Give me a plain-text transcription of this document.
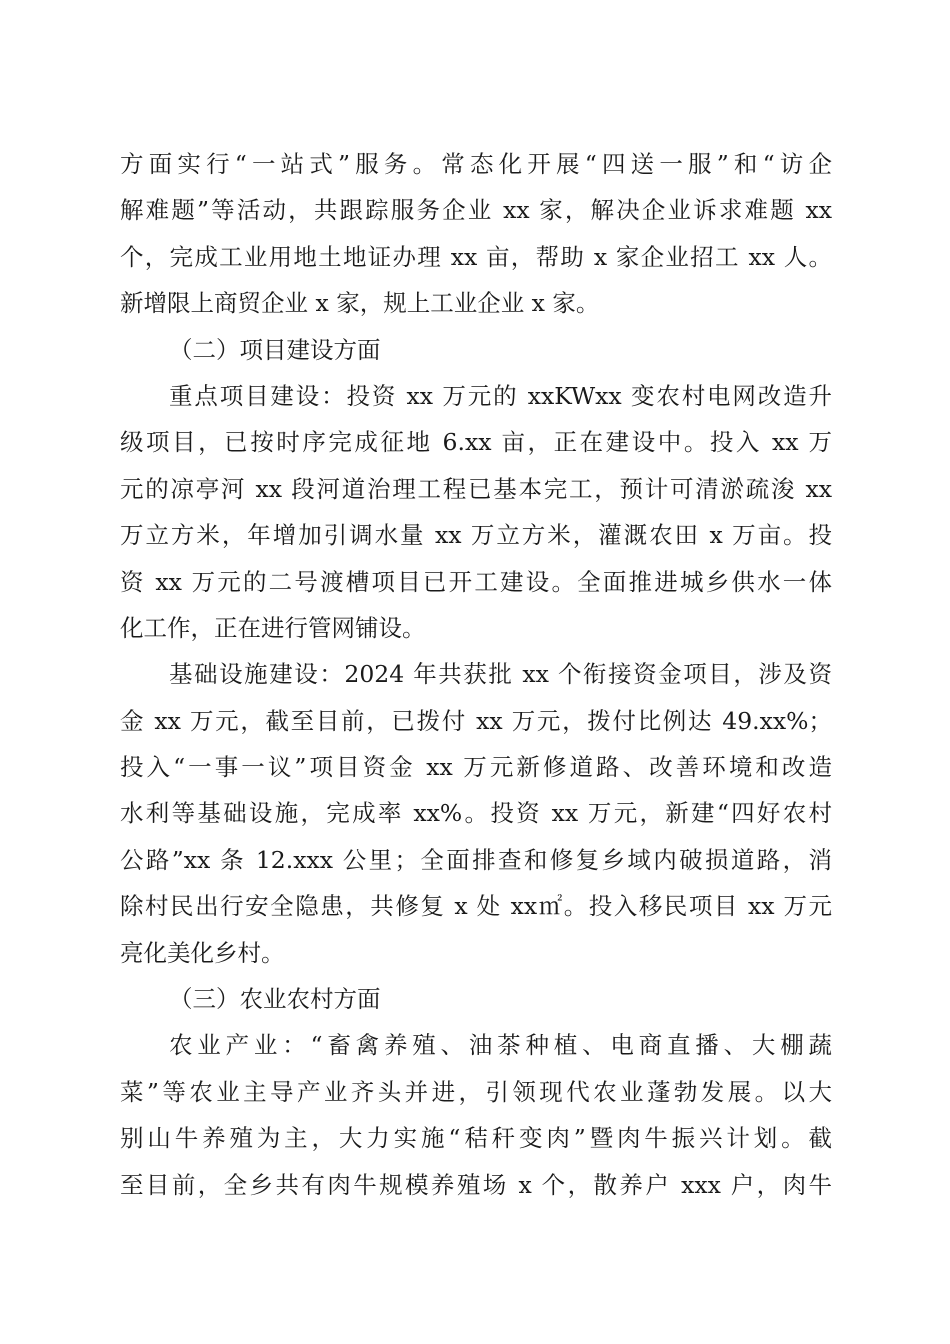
方面实行“一站式”服务。常态化开展“四送一服”和“访企
解难题”等活动，共跟踪服务企业 xx 家，解决企业诉求难题 xx
个，完成工业用地土地证办理 xx 亩，帮助 x 家企业招工 xx 人。
新增限上商贸企业 x 家，规上工业企业 x 家。
（二）项目建设方面
重点项目建设：投资 xx 万元的 xxKWxx 变农村电网改造升
级项目，已按时序完成征地 6.xx 亩，正在建设中。投入 xx 万
元的凉亭河 xx 段河道治理工程已基本完工，预计可清淤疏浚 xx
万立方米，年增加引调水量 xx 万立方米，灌溉农田 x 万亩。投
资 xx 万元的二号渡槽项目已开工建设。全面推进城乡供水一体
化工作，正在进行管网铺设。
基础设施建设：2024 年共获批 xx 个衔接资金项目，涉及资
金 xx 万元，截至目前，已拨付 xx 万元，拨付比例达 49.xx%；
投入“一事一议”项目资金 xx 万元新修道路、改善环境和改造
水利等基础设施，完成率 xx%。投资 xx 万元，新建“四好农村
公路”xx 条 12.xxx 公里；全面排查和修复乡域内破损道路，消
除村民出行安全隐患，共修复 x 处 xx㎡。投入移民项目 xx 万元
亮化美化乡村。
（三）农业农村方面
农业产业：“畜禽养殖、油茶种植、电商直播、大棚蔬
菜”等农业主导产业齐头并进，引领现代农业蓬勃发展。以大
别山牛养殖为主，大力实施“秸秆变肉”暨肉牛振兴计划。截
至目前，全乡共有肉牛规模养殖场 x 个，散养户 xxx 户，肉牛
